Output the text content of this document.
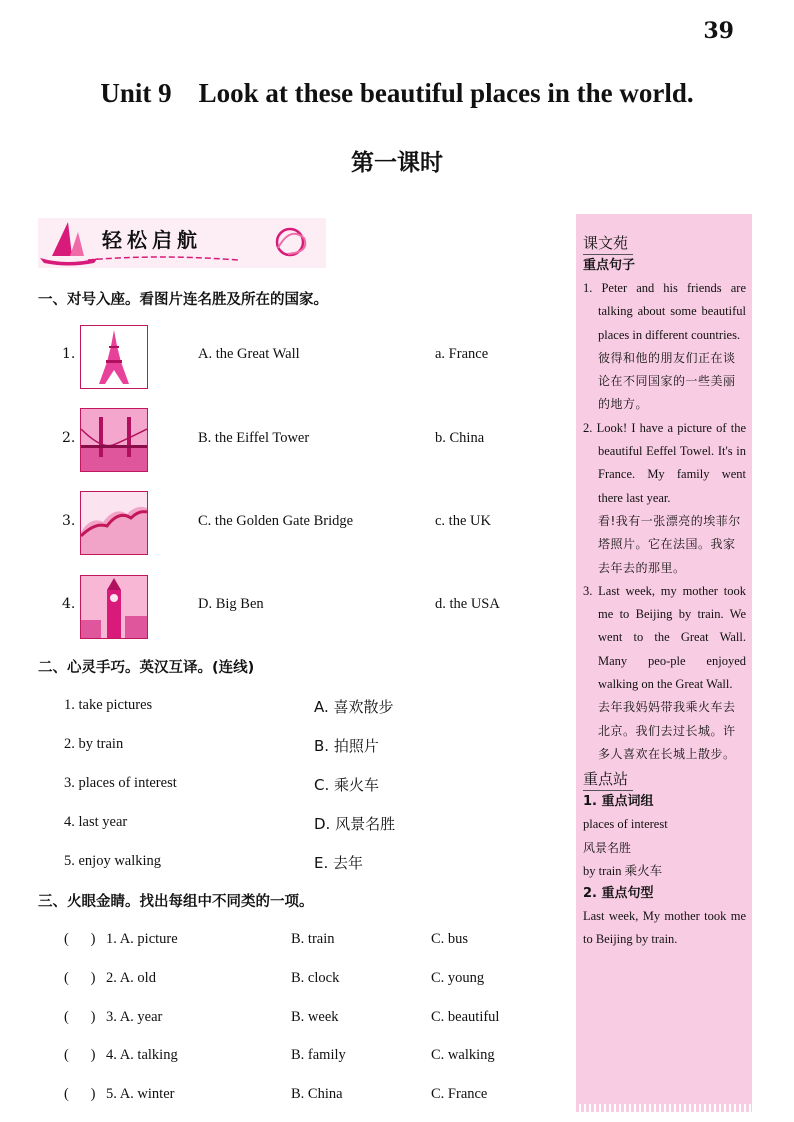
39
Unit 9    Look at these beautiful places in the world.
第一课时
轻松启航
一、对号入座。看图片连名胜及所在的国家。
1.	A. the Great Wall	a. France
2.	B. the Eiffel Tower	b. China
3.	C. the Golden Gate Bridge	c. the UK
4.	D. Big Ben	d. the USA
二、心灵手巧。英汉互译。(连线)
1. take pictures	A. 喜欢散步
2. by train	B. 拍照片
3. places of interest	C. 乘火车
4. last year	D. 风景名胜
5. enjoy walking	E. 去年
三、火眼金睛。找出每组中不同类的一项。
(      ) 1. A. picture	B. train	C. bus
(      ) 2. A. old	B. clock	C. young
(      ) 3. A. year	B. week	C. beautiful
(      ) 4. A. talking	B. family	C. walking
(      ) 5. A. winter	B. China	C. France
课文苑
重点句子
1. Peter and his friends are talking about some beautiful places in different countries.
彼得和他的朋友们正在谈论在不同国家的一些美丽的地方。
2. Look! I have a picture of the beautiful Eeffel Towel. It's in France. My family went there last year.
看!我有一张漂亮的埃菲尔塔照片。它在法国。我家去年去的那里。
3. Last week, my mother took me to Beijing by train. We went to the Great Wall. Many peo-ple enjoyed walking on the Great Wall.
去年我妈妈带我乘火车去北京。我们去过长城。许多人喜欢在长城上散步。
重点站
1. 重点词组
places of interest
风景名胜
by train 乘火车
2. 重点句型
Last week, My mother took me to Beijing by train.
